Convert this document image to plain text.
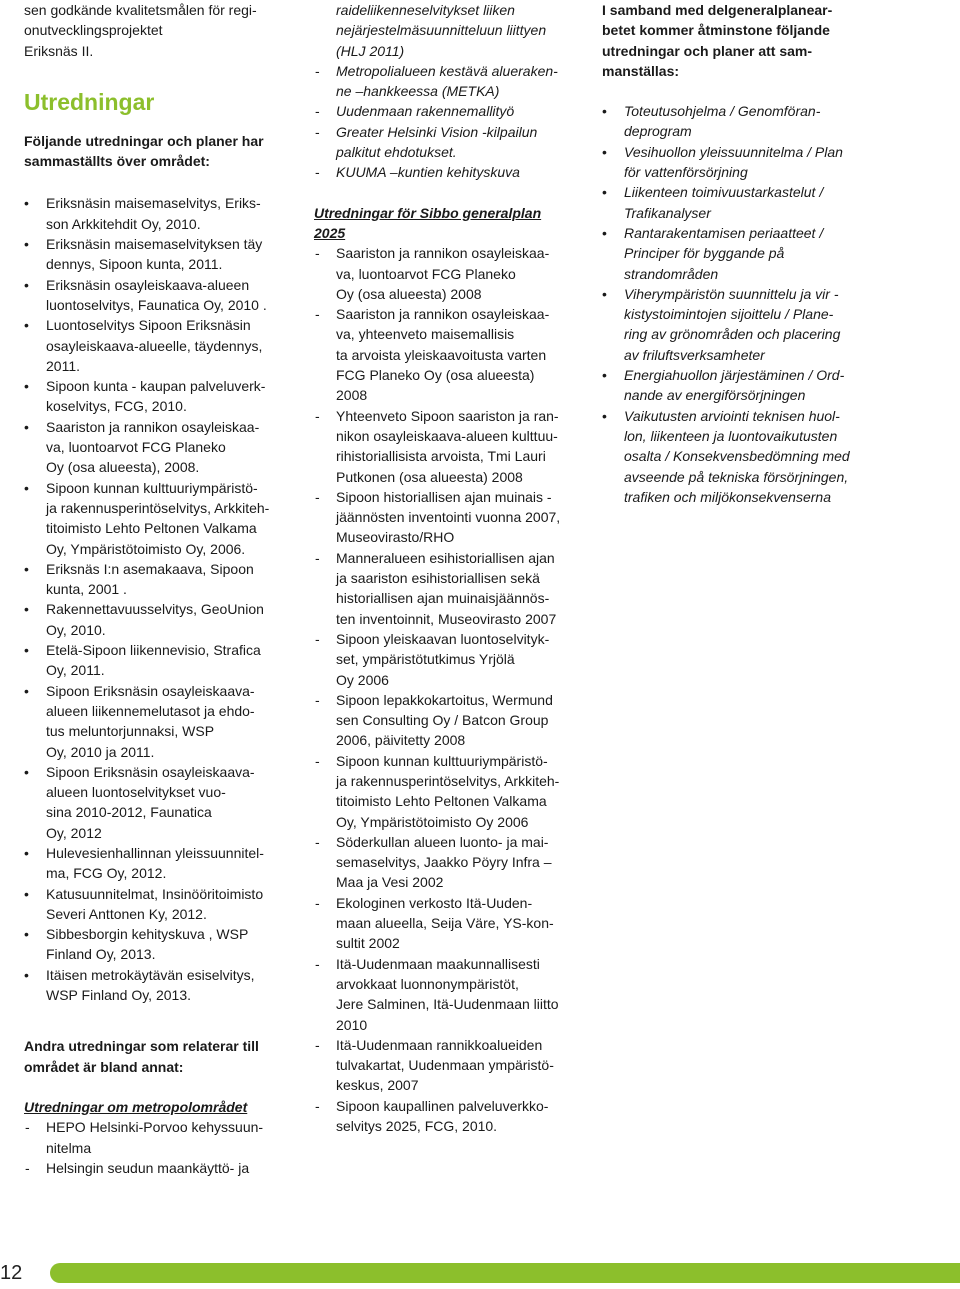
sen godkände kvalitetsmålen för regi-
onutvecklingsprojektet
Eriksnäs II.

Utredningar

Följande utredningar och planer har
sammaställts över området:

• Eriksnäsin maisemaselvitys, Eriks-
son Arkkitehdit Oy, 2010.
• Eriksnäsin maisemaselvityksen täy
dennys, Sipoon kunta, 2011.
• Eriksnäsin osayleiskaava-alueen
luontoselvitys, Faunatica Oy, 2010 .
• Luontoselvitys Sipoon Eriksnäsin
osayleiskaava-alueelle, täydennys,
2011.
• Sipoon kunta - kaupan palveluverk-
koselvitys, FCG, 2010.
• Saariston ja rannikon osayleiskaa-
va, luontoarvot FCG Planeko
Oy (osa alueesta), 2008.
• Sipoon kunnan kulttuuriympäristö-
ja rakennusperintöselvitys, Arkkiteh-
titoimisto Lehto Peltonen Valkama
Oy, Ympäristötoimisto Oy, 2006.
• Eriksnäs I:n asemakaava, Sipoon
kunta, 2001 .
• Rakennettavuusselvitys, GeoUnion
Oy, 2010.
• Etelä-Sipoon liikennevisio, Strafica
Oy, 2011.
• Sipoon Eriksnäsin osayleiskaava-
alueen liikennemelutasot ja ehdo-
tus meluntorjunnaksi, WSP
Oy, 2010 ja 2011.
• Sipoon Eriksnäsin osayleiskaava-
alueen luontoselvitykset vuo-
sina 2010-2012, Faunatica
Oy, 2012
• Hulevesienhallinnan yleissuunnitel-
ma, FCG Oy, 2012.
• Katusuunnitelmat, Insinööritoimisto
Severi Anttonen Ky, 2012.
• Sibbesborgin kehityskuva , WSP
Finland Oy, 2013.
• Itäisen metrokäytävän esiselvitys,
WSP Finland Oy, 2013.

Andra utredningar som relaterar till
området är bland annat:

Utredningar om metropolområdet

- HEPO Helsinki-Porvoo kehyssuun-
nitelma
- Helsingin seudun maankäyttö- ja

raideliikenneselvitykset liiken
nejärjestelmäsuunnitteluun liittyen
(HLJ 2011)

- Metropolialueen kestävä alueraken-
ne –hankkeessa (METKA)
- Uudenmaan rakennemallityö
- Greater Helsinki Vision -kilpailun
palkitut ehdotukset.
- KUUMA –kuntien kehityskuva

Utredningar för Sibbo generalplan
2025

- Saariston ja rannikon osayleiskaa-
va, luontoarvot FCG Planeko
Oy (osa alueesta) 2008
- Saariston ja rannikon osayleiskaa-
va, yhteenveto maisemallisis
ta arvoista yleiskaavoitusta varten
FCG Planeko Oy (osa alueesta)
2008
- Yhteenveto Sipoon saariston ja ran-
nikon osayleiskaava-alueen kulttuu-
rihistoriallisista arvoista, Tmi Lauri
Putkonen (osa alueesta) 2008
- Sipoon historiallisen ajan muinais -
jäännösten inventointi vuonna 2007,
Museovirasto/RHO
- Manneralueen esihistoriallisen ajan
ja saariston esihistoriallisen sekä
historiallisen ajan muinaisjäännös-
ten inventoinnit, Museovirasto 2007
- Sipoon yleiskaavan luontoselvityk-
set, ympäristötutkimus Yrjölä
Oy 2006
- Sipoon lepakkokartoitus, Wermund
sen Consulting Oy / Batcon Group
2006, päivitetty 2008
- Sipoon kunnan kulttuuriympäristö-
ja rakennusperintöselvitys, Arkkiteh-
titoimisto Lehto Peltonen Valkama
Oy, Ympäristötoimisto Oy 2006
- Söderkullan alueen luonto- ja mai-
semaselvitys, Jaakko Pöyry Infra –
Maa ja Vesi 2002
- Ekologinen verkosto Itä-Uuden-
maan alueella, Seija Väre, YS-kon-
sultit 2002
- Itä-Uudenmaan maakunnallisesti
arvokkaat luonnonympäristöt,
Jere Salminen, Itä-Uudenmaan liitto
2010
- Itä-Uudenmaan rannikkoalueiden
tulvakartat, Uudenmaan ympäristö-
keskus, 2007
- Sipoon kaupallinen palveluverkko-
selvitys 2025, FCG, 2010.

I samband med delgeneralplanear-
betet kommer åtminstone följande
utredningar och planer att sam-
manställas:

• Toteutusohjelma / Genomföran-
deprogram
• Vesihuollon yleissuunnitelma / Plan
för vattenförsörjning
• Liikenteen toimivuustarkastelut /
Trafikanalyser
• Rantarakentamisen periaatteet /
Principer för byggande på
strandområden
• Viherympäristön suunnittelu ja vir -
kistystoimintojen sijoittelu / Plane-
ring av grönområden och placering
av friluftsverksamheter
• Energiahuollon järjestäminen / Ord-
nande av energiförsörjningen
• Vaikutusten arviointi teknisen huol-
lon, liikenteen ja luontovaikutusten
osalta / Konsekvensbedömning med
avseende på tekniska försörjningen,
trafiken och miljökonsekvenserna
12
